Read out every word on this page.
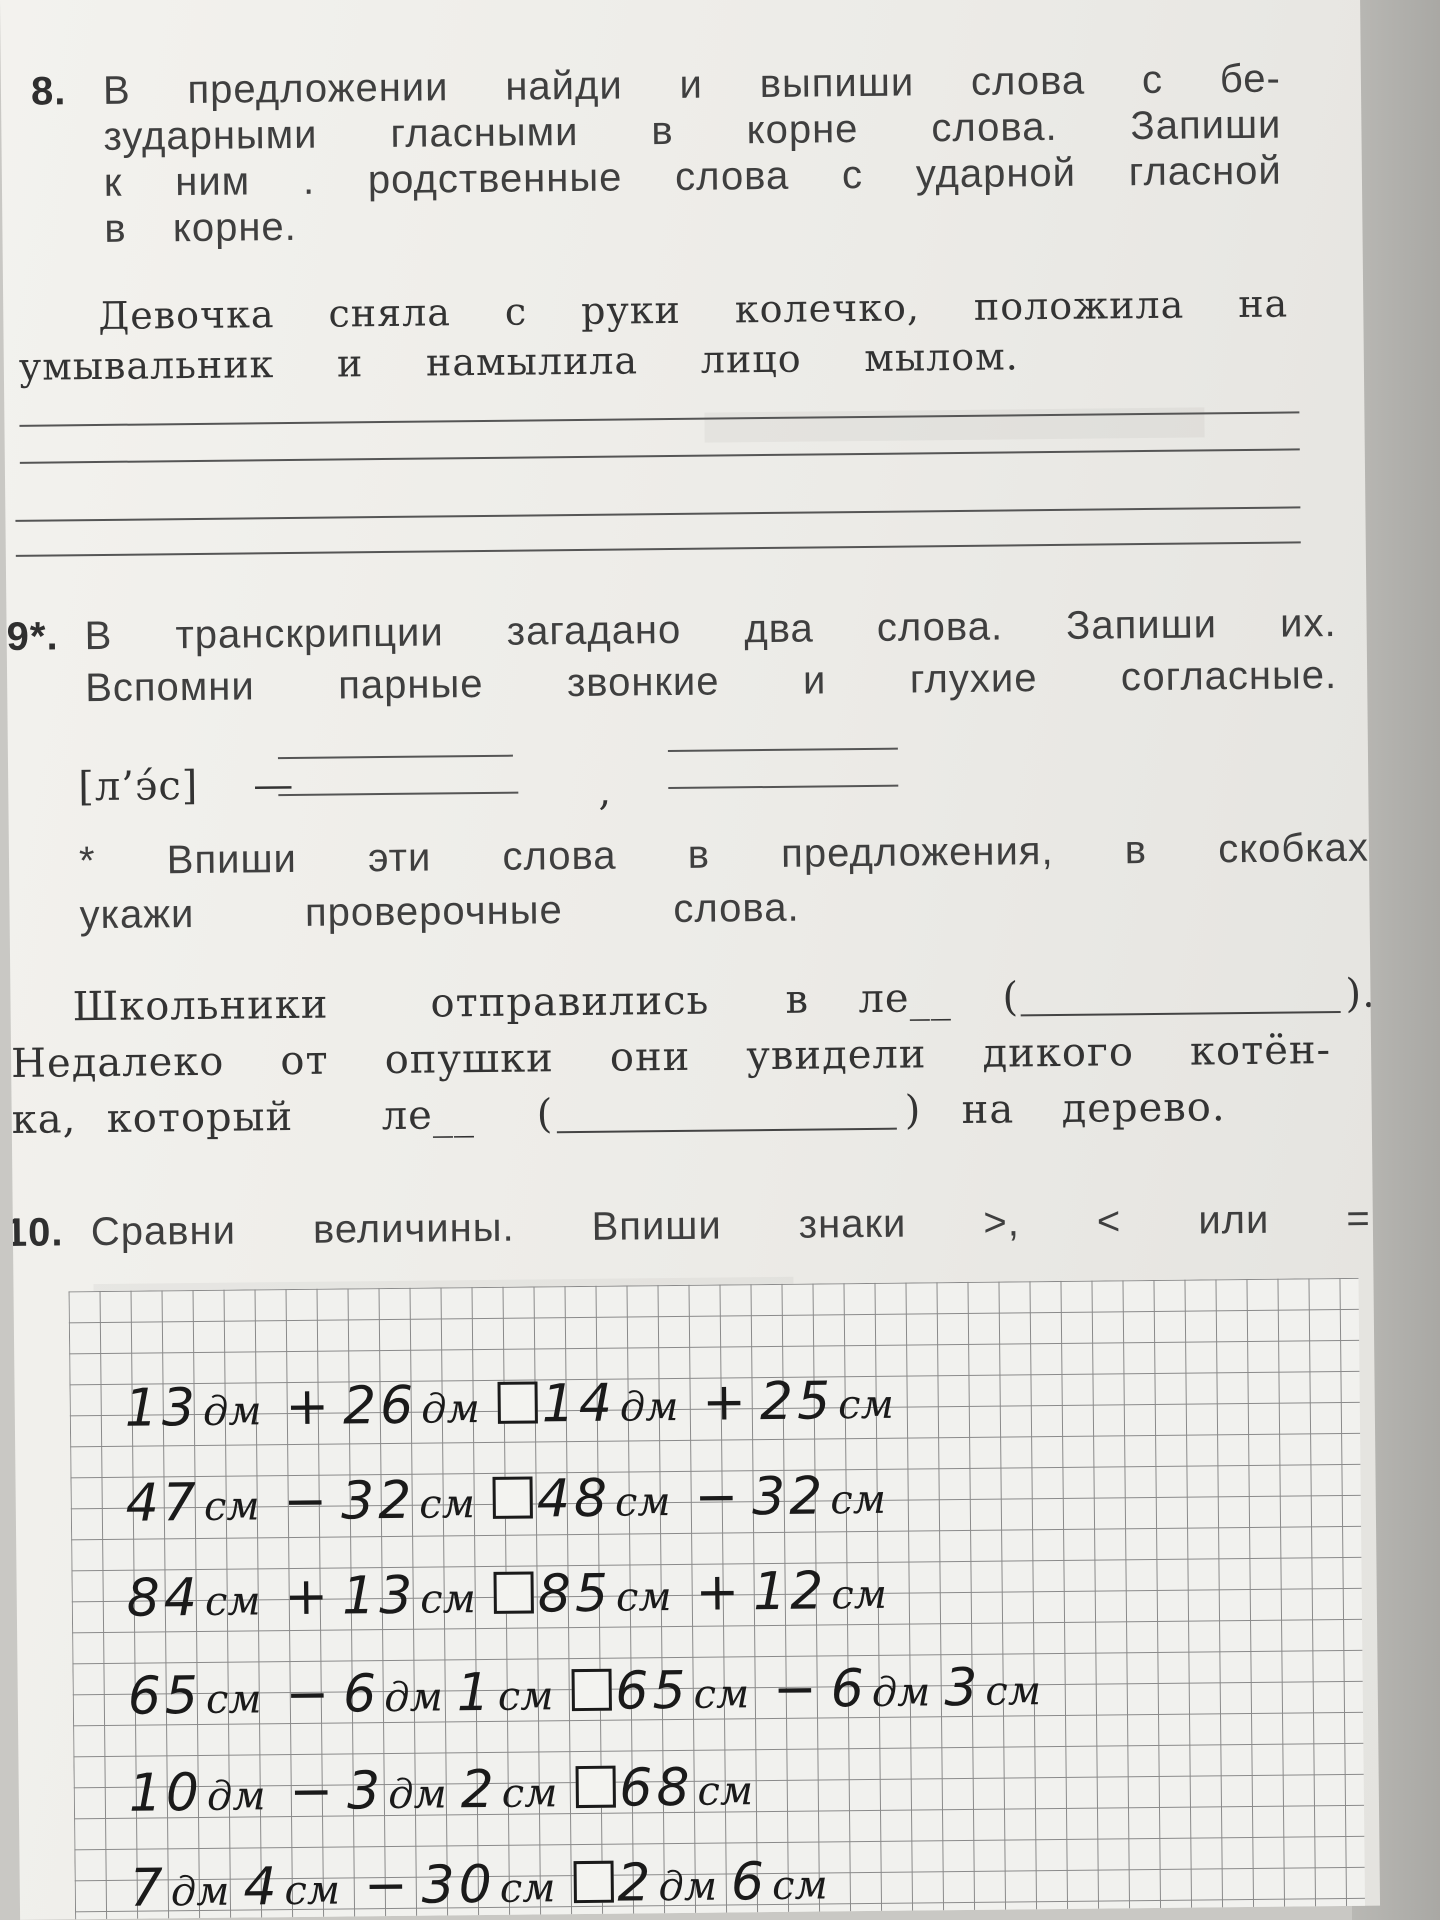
8. В предложении найди и выпиши слова с бе-
зударными гласными в корне слова. Запиши
к ним . родственные слова с ударной гласной
в корне.
Девочка сняла с руки колечко, положила на
умывальник и намылила лицо мылом.
9*. В транскрипции загадано два слова. Запиши их.
Вспомни парные звонкие и глухие согласные.
[л’э́с] —	,
* Впиши эти слова в предложения, в скобках
укажи	проверочные	слова.
Школьники	отправились в ле__ (	).
Недалеко от опушки они увидели дикого котён-
ка, который ле__ (	) на дерево.
10. Сравни величины. Впиши знаки >, < или =
13дм + 26дм 14дм + 25см
47см − 32см 48см − 32см
84см + 13см 85см + 12см
65см − 6дм 1см 65см − 6дм 3см
10дм − 3дм 2см 68см
7дм 4см − 30см 2дм 6см
